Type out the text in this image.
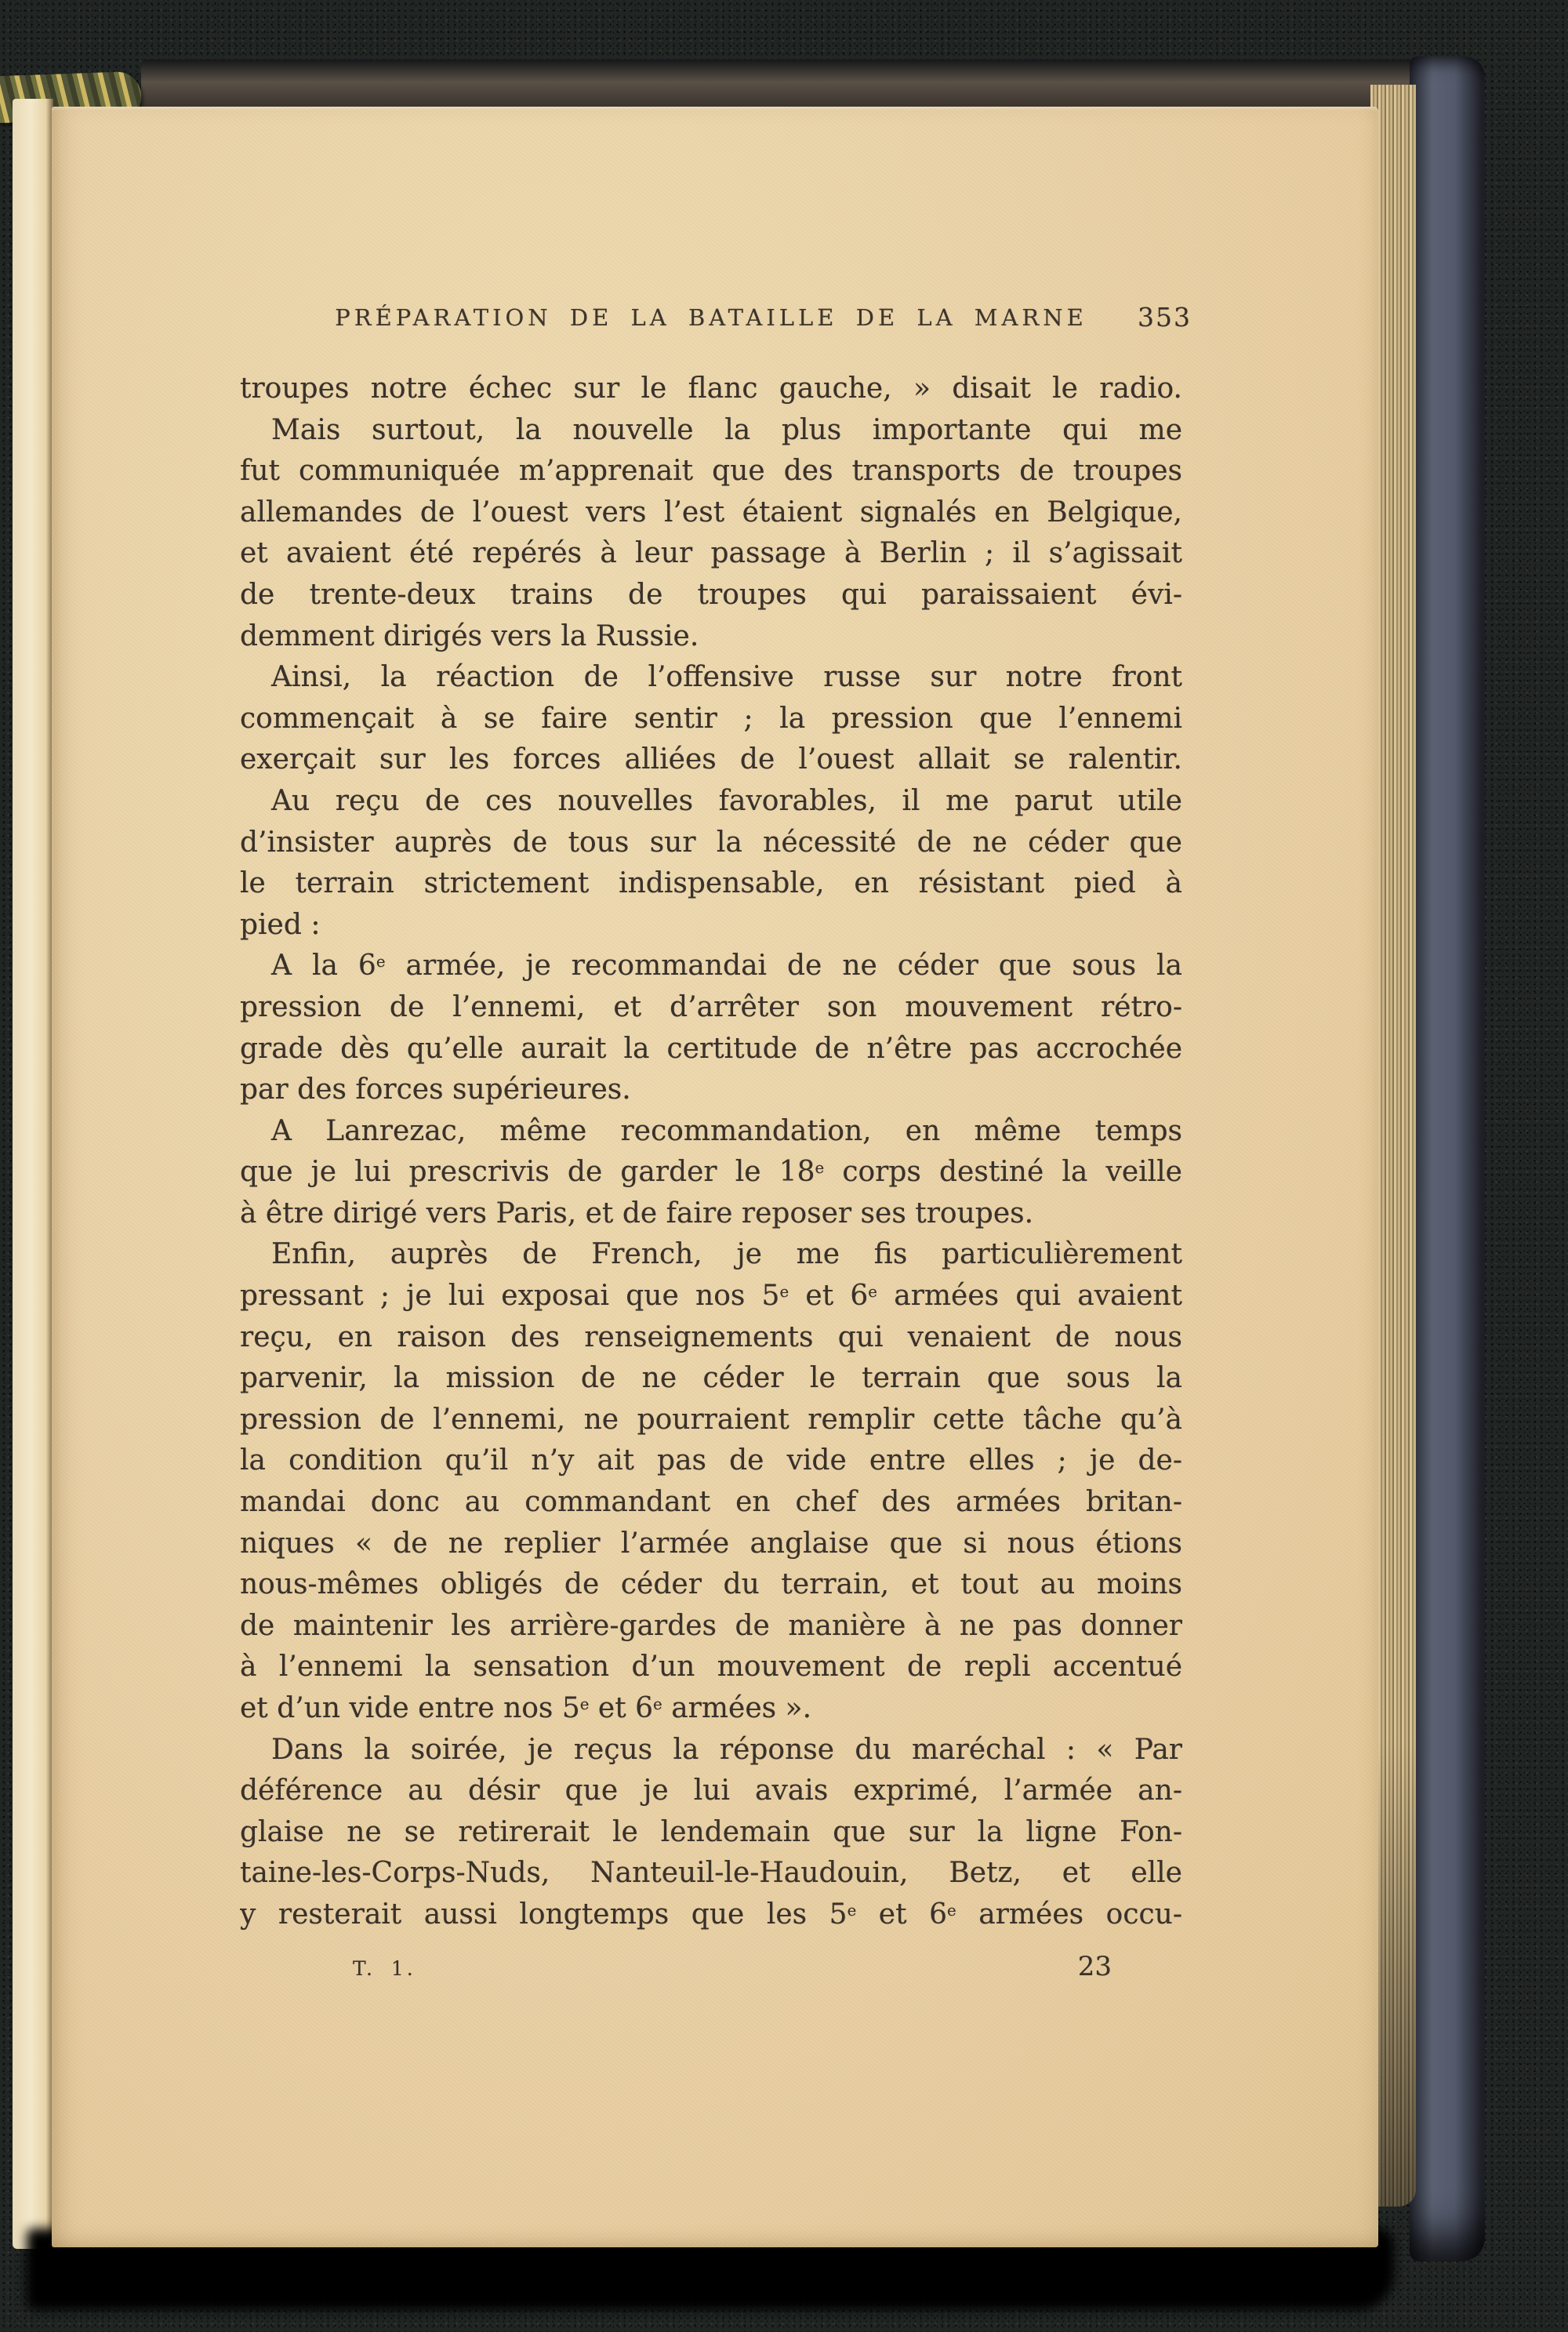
PRÉPARATION DE LA BATAILLE DE LA MARNE 353
troupes notre échec sur le flanc gauche, » disait le radio.
Mais surtout, la nouvelle la plus importante qui me
fut communiquée m’apprenait que des transports de troupes
allemandes de l’ouest vers l’est étaient signalés en Belgique,
et avaient été repérés à leur passage à Berlin ; il s’agissait
de trente-deux trains de troupes qui paraissaient évi-
demment dirigés vers la Russie.
Ainsi, la réaction de l’offensive russe sur notre front
commençait à se faire sentir ; la pression que l’ennemi
exerçait sur les forces alliées de l’ouest allait se ralentir.
Au reçu de ces nouvelles favorables, il me parut utile
d’insister auprès de tous sur la nécessité de ne céder que
le terrain strictement indispensable, en résistant pied à
pied :
A la 6e armée, je recommandai de ne céder que sous la
pression de l’ennemi, et d’arrêter son mouvement rétro-
grade dès qu’elle aurait la certitude de n’être pas accrochée
par des forces supérieures.
A Lanrezac, même recommandation, en même temps
que je lui prescrivis de garder le 18e corps destiné la veille
à être dirigé vers Paris, et de faire reposer ses troupes.
Enfin, auprès de French, je me fis particulièrement
pressant ; je lui exposai que nos 5e et 6e armées qui avaient
reçu, en raison des renseignements qui venaient de nous
parvenir, la mission de ne céder le terrain que sous la
pression de l’ennemi, ne pourraient remplir cette tâche qu’à
la condition qu’il n’y ait pas de vide entre elles ; je de-
mandai donc au commandant en chef des armées britan-
niques « de ne replier l’armée anglaise que si nous étions
nous-mêmes obligés de céder du terrain, et tout au moins
de maintenir les arrière-gardes de manière à ne pas donner
à l’ennemi la sensation d’un mouvement de repli accentué
et d’un vide entre nos 5e et 6e armées ».
Dans la soirée, je reçus la réponse du maréchal : « Par
déférence au désir que je lui avais exprimé, l’armée an-
glaise ne se retirerait le lendemain que sur la ligne Fon-
taine-les-Corps-Nuds, Nanteuil-le-Haudouin, Betz, et elle
y resterait aussi longtemps que les 5e et 6e armées occu-
T. 1.	23
